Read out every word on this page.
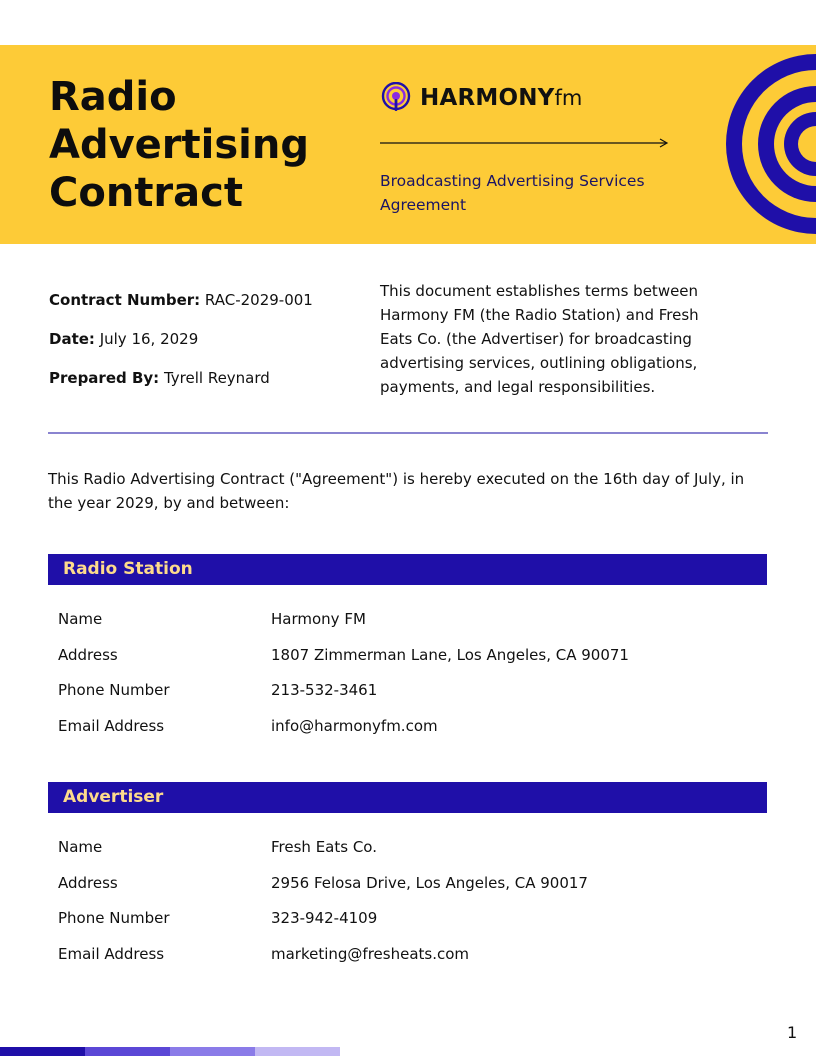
Radio Advertising Contract
HARMONY fm
Broadcasting Advertising Services Agreement
Contract Number: RAC-2029-001
Date: July 16, 2029
Prepared By: Tyrell Reynard

This document establishes terms between Harmony FM (the Radio Station) and Fresh Eats Co. (the Advertiser) for broadcasting advertising services, outlining obligations, payments, and legal responsibilities.

This Radio Advertising Contract ("Agreement") is hereby executed on the 16th day of July, in the year 2029, by and between:

Radio Station
Name	Harmony FM
Address	1807 Zimmerman Lane, Los Angeles, CA 90071
Phone Number	213-532-3461
Email Address	info@harmonyfm.com
Advertiser
Name	Fresh Eats Co.
Address	2956 Felosa Drive, Los Angeles, CA 90017
Phone Number	323-942-4109
Email Address	marketing@fresheats.com
1
